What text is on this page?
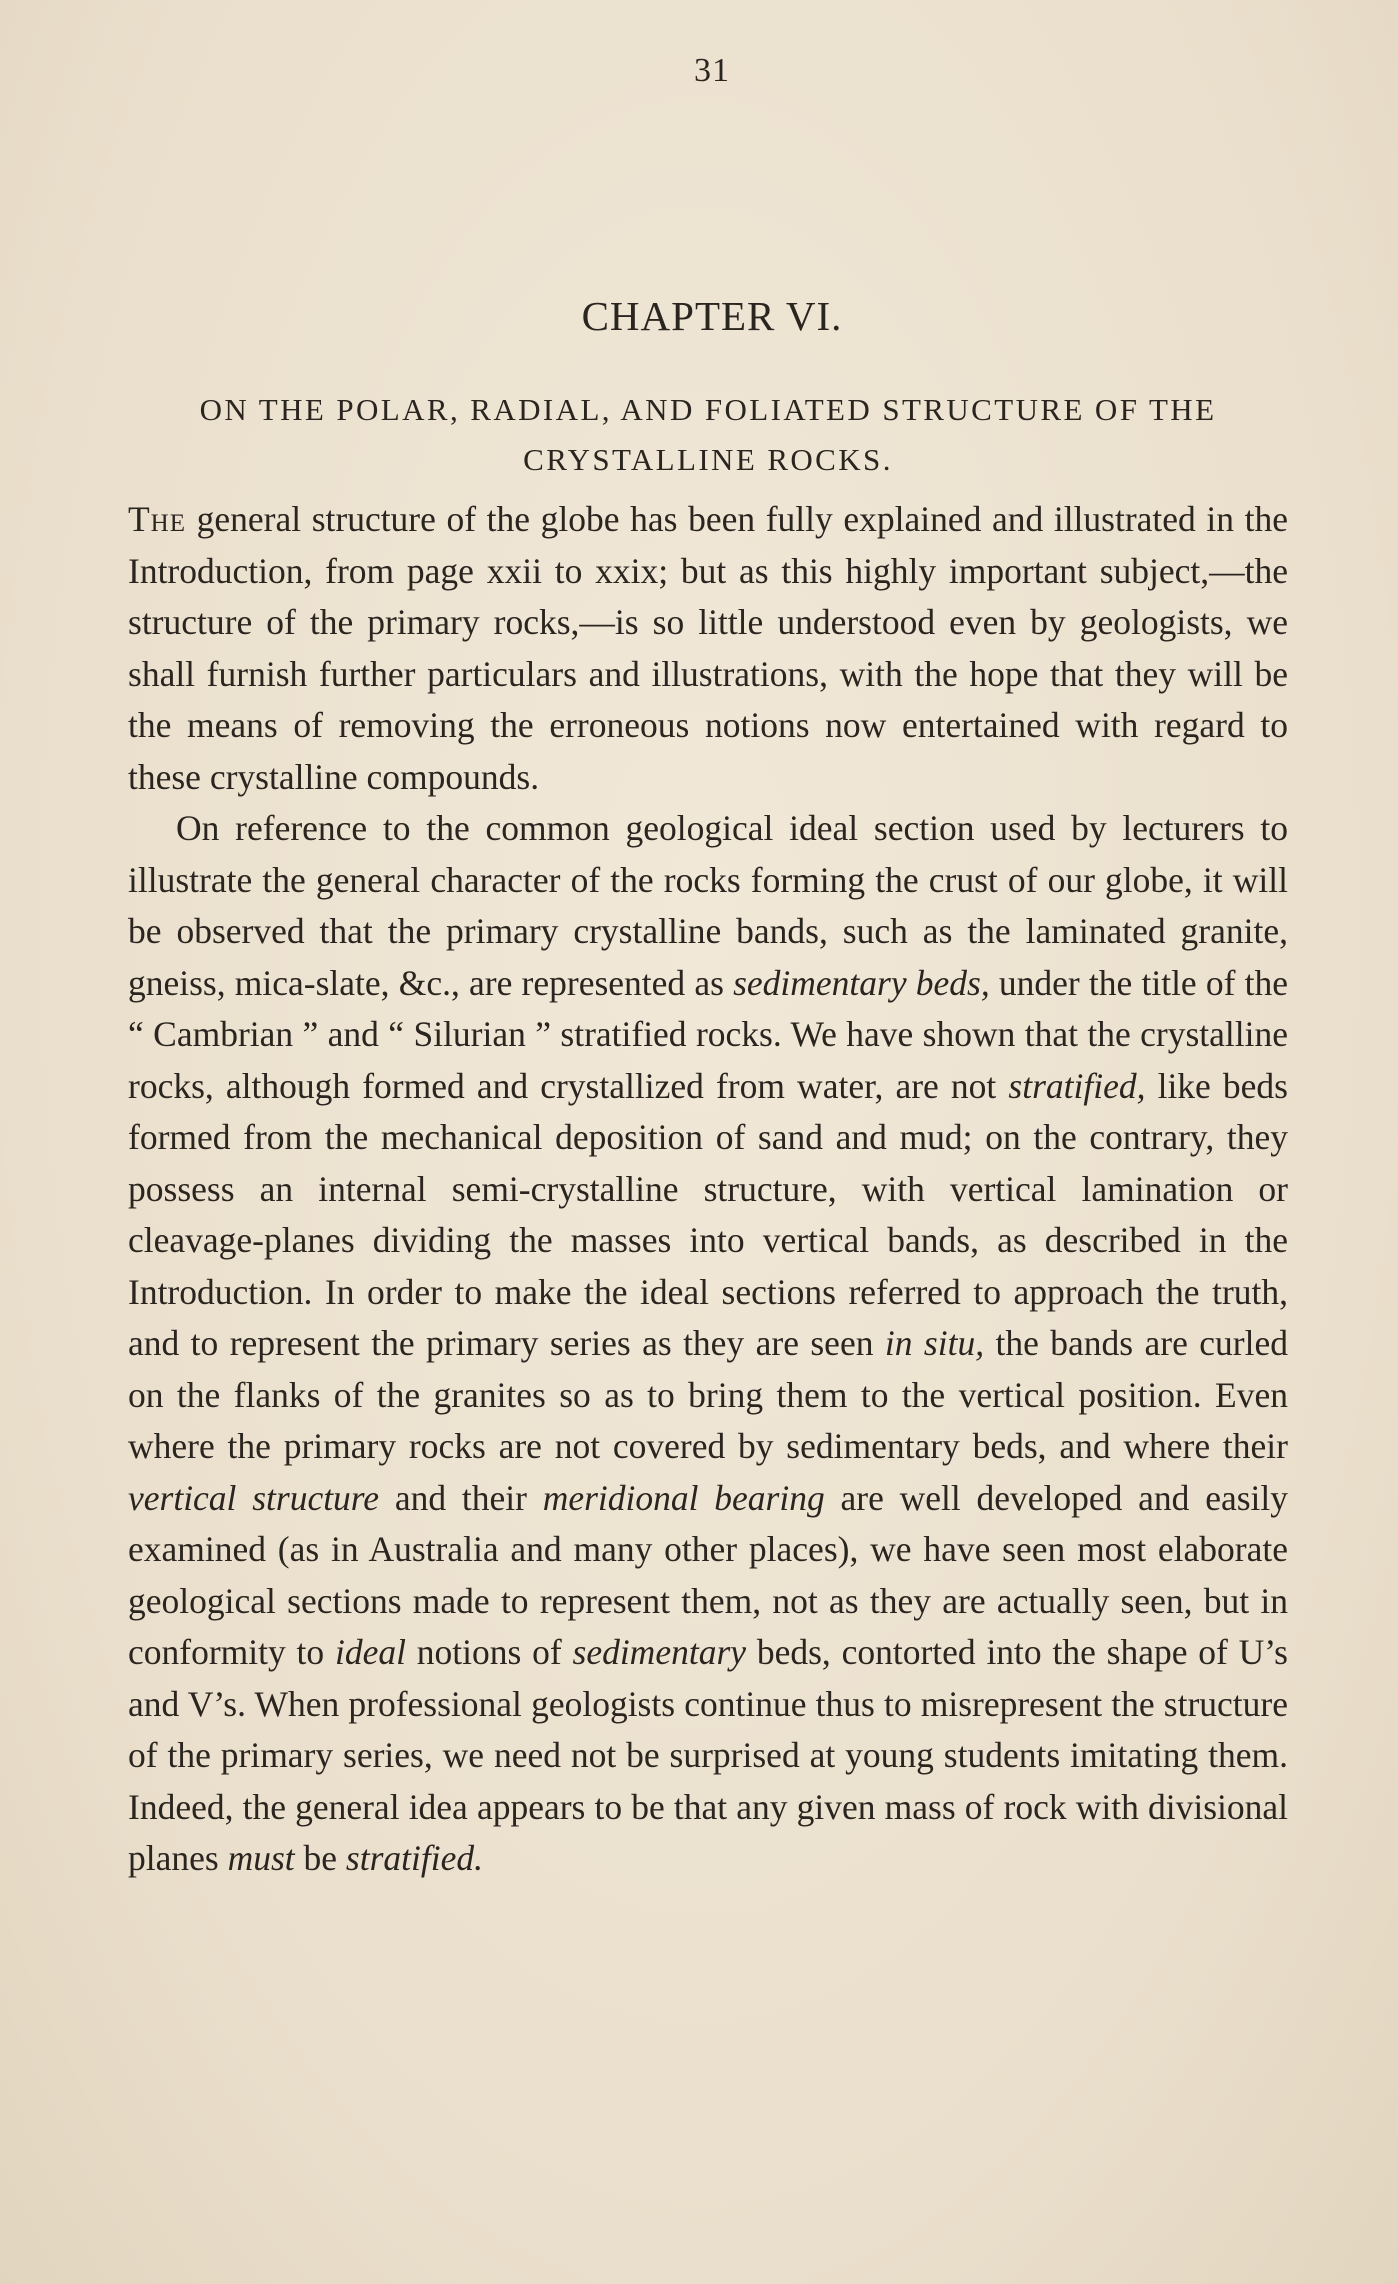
31
CHAPTER VI.
ON THE POLAR, RADIAL, AND FOLIATED STRUCTURE OF THE CRYSTALLINE ROCKS.

The general structure of the globe has been fully explained and illustrated in the Introduction, from page xxii to xxix; but as this highly important subject,—the structure of the primary rocks,—is so little understood even by geologists, we shall furnish further particulars and illustrations, with the hope that they will be the means of removing the erroneous notions now entertained with regard to these crystalline compounds.

On reference to the common geological ideal section used by lecturers to illustrate the general character of the rocks forming the crust of our globe, it will be observed that the primary crystalline bands, such as the laminated granite, gneiss, mica-slate, &c., are represented as sedimentary beds, under the title of the “ Cambrian ” and “ Silurian ” stratified rocks. We have shown that the crystalline rocks, although formed and crystallized from water, are not stratified, like beds formed from the mechanical deposition of sand and mud; on the contrary, they possess an internal semi-crystalline structure, with vertical lamination or cleavage-planes dividing the masses into vertical bands, as described in the Introduction. In order to make the ideal sections referred to approach the truth, and to represent the primary series as they are seen in situ, the bands are curled on the flanks of the granites so as to bring them to the vertical position. Even where the primary rocks are not covered by sedimentary beds, and where their vertical structure and their meridional bearing are well developed and easily examined (as in Australia and many other places), we have seen most elaborate geological sections made to represent them, not as they are actually seen, but in conformity to ideal notions of sedimentary beds, contorted into the shape of U’s and V’s. When professional geologists continue thus to misrepresent the structure of the primary series, we need not be surprised at young students imitating them. Indeed, the general idea appears to be that any given mass of rock with divisional planes must be stratified.
